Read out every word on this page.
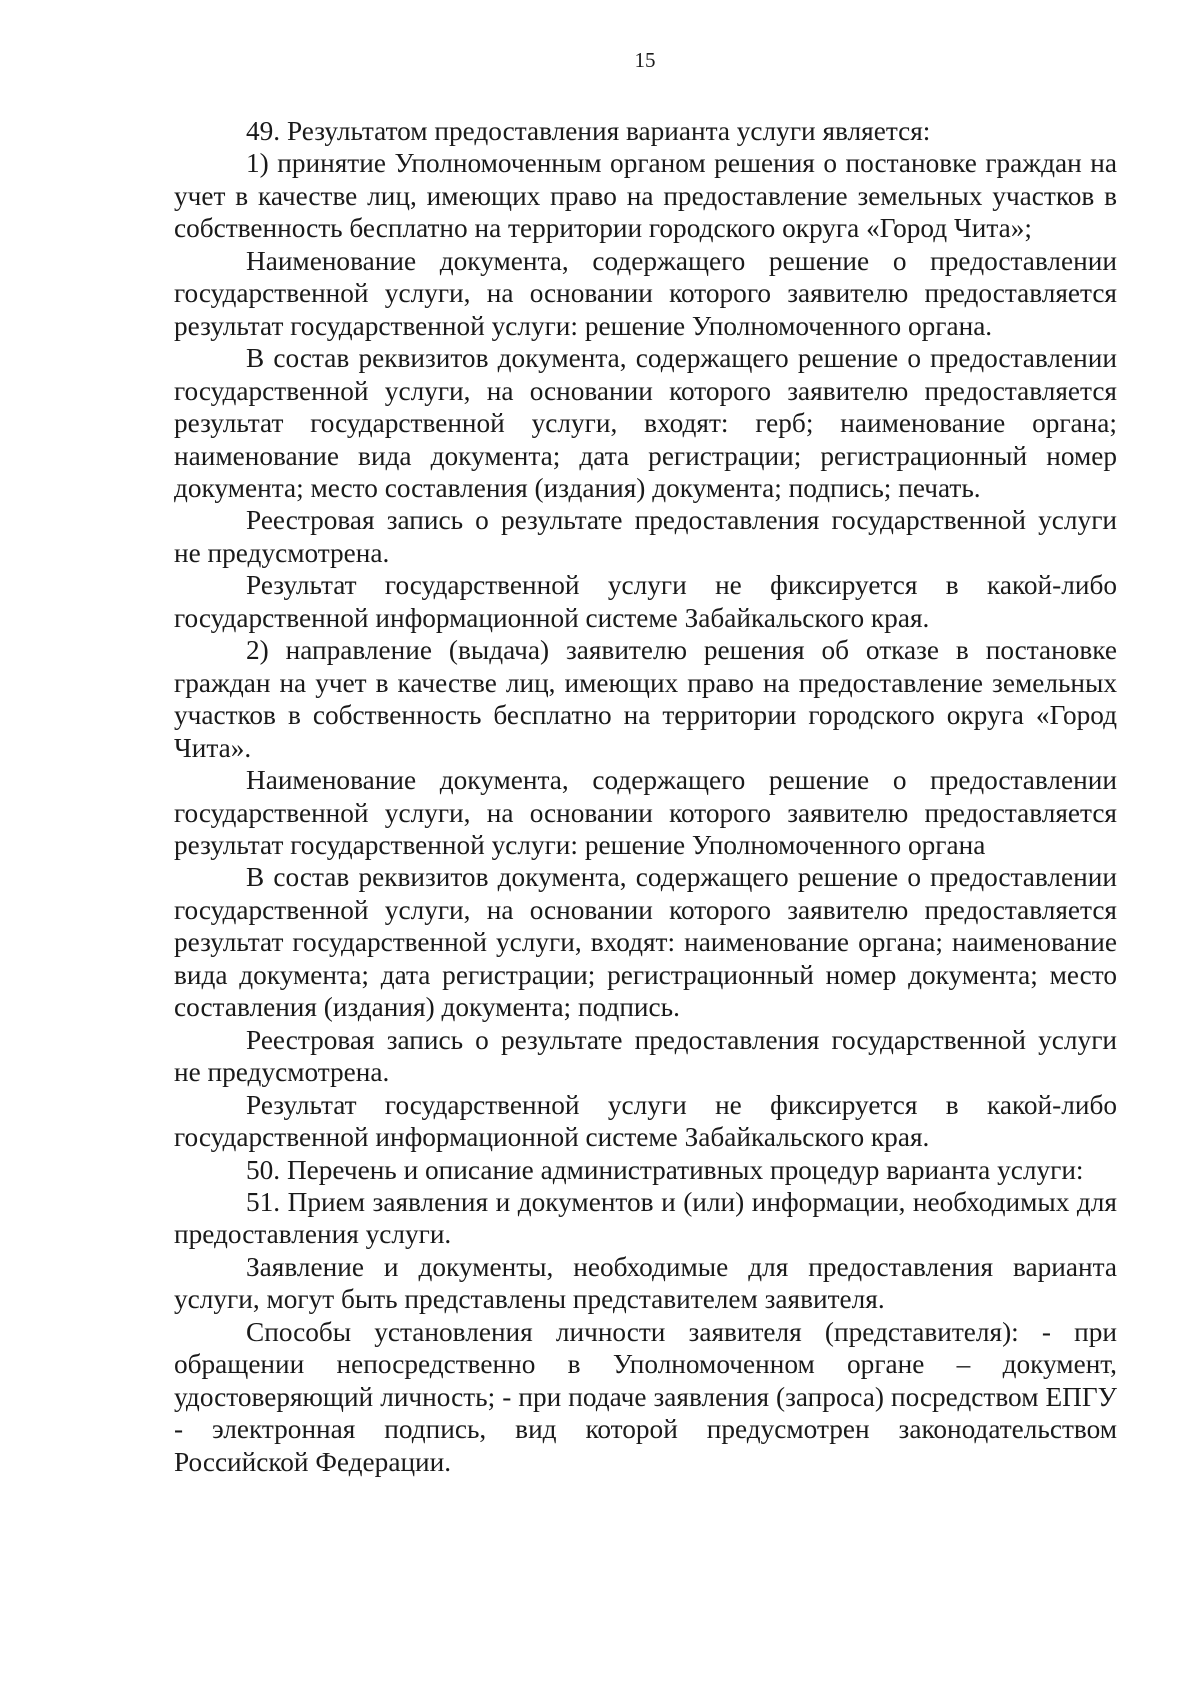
15

49. Результатом предоставления варианта услуги является:

1) принятие Уполномоченным органом решения о постановке граждан на учет в качестве лиц, имеющих право на предоставление земельных участков в собственность бесплатно на территории городского округа «Город Чита»;

Наименование документа, содержащего решение о предоставлении государственной услуги, на основании которого заявителю предоставляется результат государственной услуги: решение Уполномоченного органа.

В состав реквизитов документа, содержащего решение о предоставлении государственной услуги, на основании которого заявителю предоставляется результат государственной услуги, входят: герб; наименование органа; наименование вида документа; дата регистрации; регистрационный номер документа; место составления (издания) документа; подпись; печать.

Реестровая запись о результате предоставления государственной услуги не предусмотрена.

Результат государственной услуги не фиксируется в какой-либо государственной информационной системе Забайкальского края.

2) направление (выдача) заявителю решения об отказе в постановке граждан на учет в качестве лиц, имеющих право на предоставление земельных участков в собственность бесплатно на территории городского округа «Город Чита».

Наименование документа, содержащего решение о предоставлении государственной услуги, на основании которого заявителю предоставляется результат государственной услуги: решение Уполномоченного органа

В состав реквизитов документа, содержащего решение о предоставлении государственной услуги, на основании которого заявителю предоставляется результат государственной услуги, входят: наименование органа; наименование вида документа; дата регистрации; регистрационный номер документа; место составления (издания) документа; подпись.

Реестровая запись о результате предоставления государственной услуги не предусмотрена.

Результат государственной услуги не фиксируется в какой-либо государственной информационной системе Забайкальского края.

50. Перечень и описание административных процедур варианта услуги:

51. Прием заявления и документов и (или) информации, необходимых для предоставления услуги.

Заявление и документы, необходимые для предоставления варианта услуги, могут быть представлены представителем заявителя.

Способы установления личности заявителя (представителя): - при обращении непосредственно в Уполномоченном органе – документ, удостоверяющий личность; - при подаче заявления (запроса) посредством ЕПГУ - электронная подпись, вид которой предусмотрен законодательством Российской Федерации.
